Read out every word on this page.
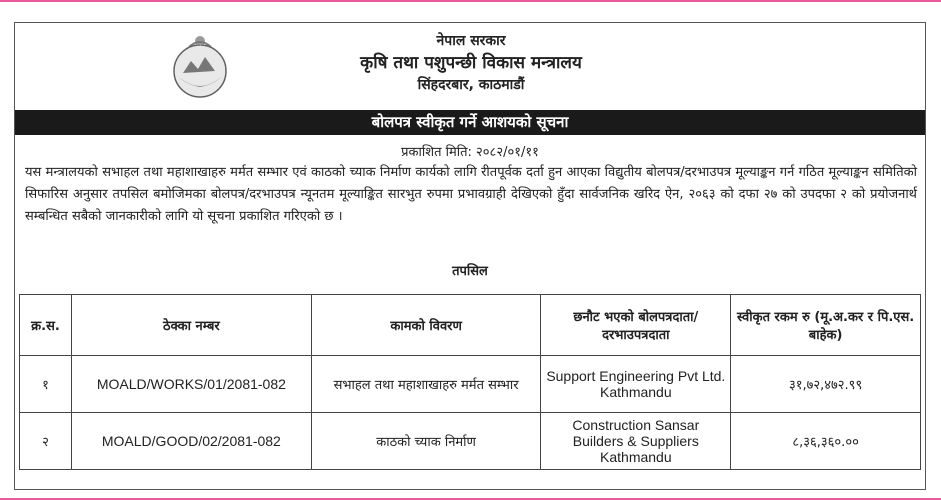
नेपाल सरकार
कृषि तथा पशुपन्छी विकास मन्त्रालय
सिंहदरबार, काठमाडौं
बोलपत्र स्वीकृत गर्ने आशयको सूचना
प्रकाशित मिति: २०८२/०१/११
यस मन्त्रालयको सभाहल तथा महाशाखाहरु मर्मत सम्भार एवं काठको च्याक निर्माण कार्यको लागि रीतपूर्वक दर्ता हुन आएका विद्युतीय बोलपत्र/दरभाउपत्र मूल्याङ्कन गर्न गठित मूल्याङ्कन समितिको सिफारिस अनुसार तपसिल बमोजिमका बोलपत्र/दरभाउपत्र न्यूनतम मूल्याङ्कित सारभुत रुपमा प्रभावग्राही देखिएको हुँदा सार्वजनिक खरिद ऐन, २०६३ को दफा २७ को उपदफा २ को प्रयोजनार्थ सम्बन्धित सबैको जानकारीको लागि यो सूचना प्रकाशित गरिएको छ ।
तपसिल
क्र.स.	ठेक्का नम्बर	कामको विवरण	छनौट भएको बोलपत्रदाता/ दरभाउपत्रदाता	स्वीकृत रकम रु (मू.अ.कर र पि.एस. बाहेक)
१	MOALD/WORKS/01/2081-082	सभाहल तथा महाशाखाहरु मर्मत सम्भार	Support Engineering Pvt Ltd. Kathmandu	३१,७२,४७२.९९
२	MOALD/GOOD/02/2081-082	काठको च्याक निर्माण	Construction Sansar Builders & Suppliers Kathmandu	८,३६,३६०.००
